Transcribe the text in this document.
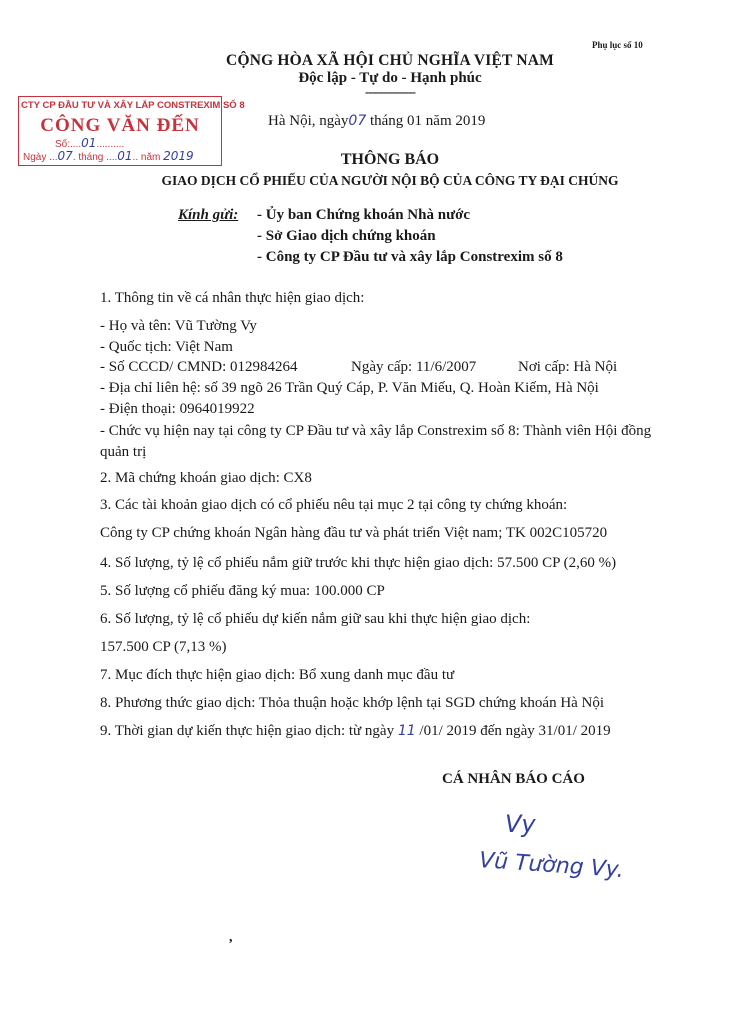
Phụ lục số 10
CỘNG HÒA XÃ HỘI CHỦ NGHĨA VIỆT NAM
Độc lập - Tự do - Hạnh phúc
---------------
CTY CP ĐẦU TƯ VÀ XÂY LẮP CONSTREXIM SỐ 8
CÔNG VĂN ĐẾN
Số:....01..........
Ngày ...07. tháng ....01.. năm 2019
Hà Nội, ngày07 tháng 01 năm 2019
THÔNG BÁO
GIAO DỊCH CỔ PHIẾU CỦA NGƯỜI NỘI BỘ CỦA CÔNG TY ĐẠI CHÚNG
Kính gửi: - Ủy ban Chứng khoán Nhà nước
- Sở Giao dịch chứng khoán
- Công ty CP Đầu tư và xây lắp Constrexim số 8
1. Thông tin về cá nhân thực hiện giao dịch:
- Họ và tên: Vũ Tường Vy
- Quốc tịch: Việt Nam
- Số CCCD/ CMND: 012984264	Ngày cấp: 11/6/2007	Nơi cấp: Hà Nội
- Địa chỉ liên hệ: số 39 ngõ 26 Trần Quý Cáp, P. Văn Miếu, Q. Hoàn Kiếm, Hà Nội
- Điện thoại: 0964019922
- Chức vụ hiện nay tại công ty CP Đầu tư và xây lắp Constrexim số 8: Thành viên Hội đồng quản trị
2. Mã chứng khoán giao dịch: CX8
3. Các tài khoản giao dịch có cổ phiếu nêu tại mục 2 tại công ty chứng khoán:
Công ty CP chứng khoán Ngân hàng đầu tư và phát triển Việt nam; TK 002C105720
4. Số lượng, tỷ lệ cổ phiếu nắm giữ trước khi thực hiện giao dịch: 57.500 CP (2,60 %)
5. Số lượng cổ phiếu đăng ký mua: 100.000 CP
6. Số lượng, tỷ lệ cổ phiếu dự kiến nắm giữ sau khi thực hiện giao dịch:
157.500 CP (7,13 %)
7. Mục đích thực hiện giao dịch: Bổ xung danh mục đầu tư
8. Phương thức giao dịch: Thỏa thuận hoặc khớp lệnh tại SGD chứng khoán Hà Nội
9. Thời gian dự kiến thực hiện giao dịch: từ ngày 11 /01/ 2019 đến ngày 31/01/ 2019
CÁ NHÂN BÁO CÁO
Vy
Vũ Tường Vy.
,
